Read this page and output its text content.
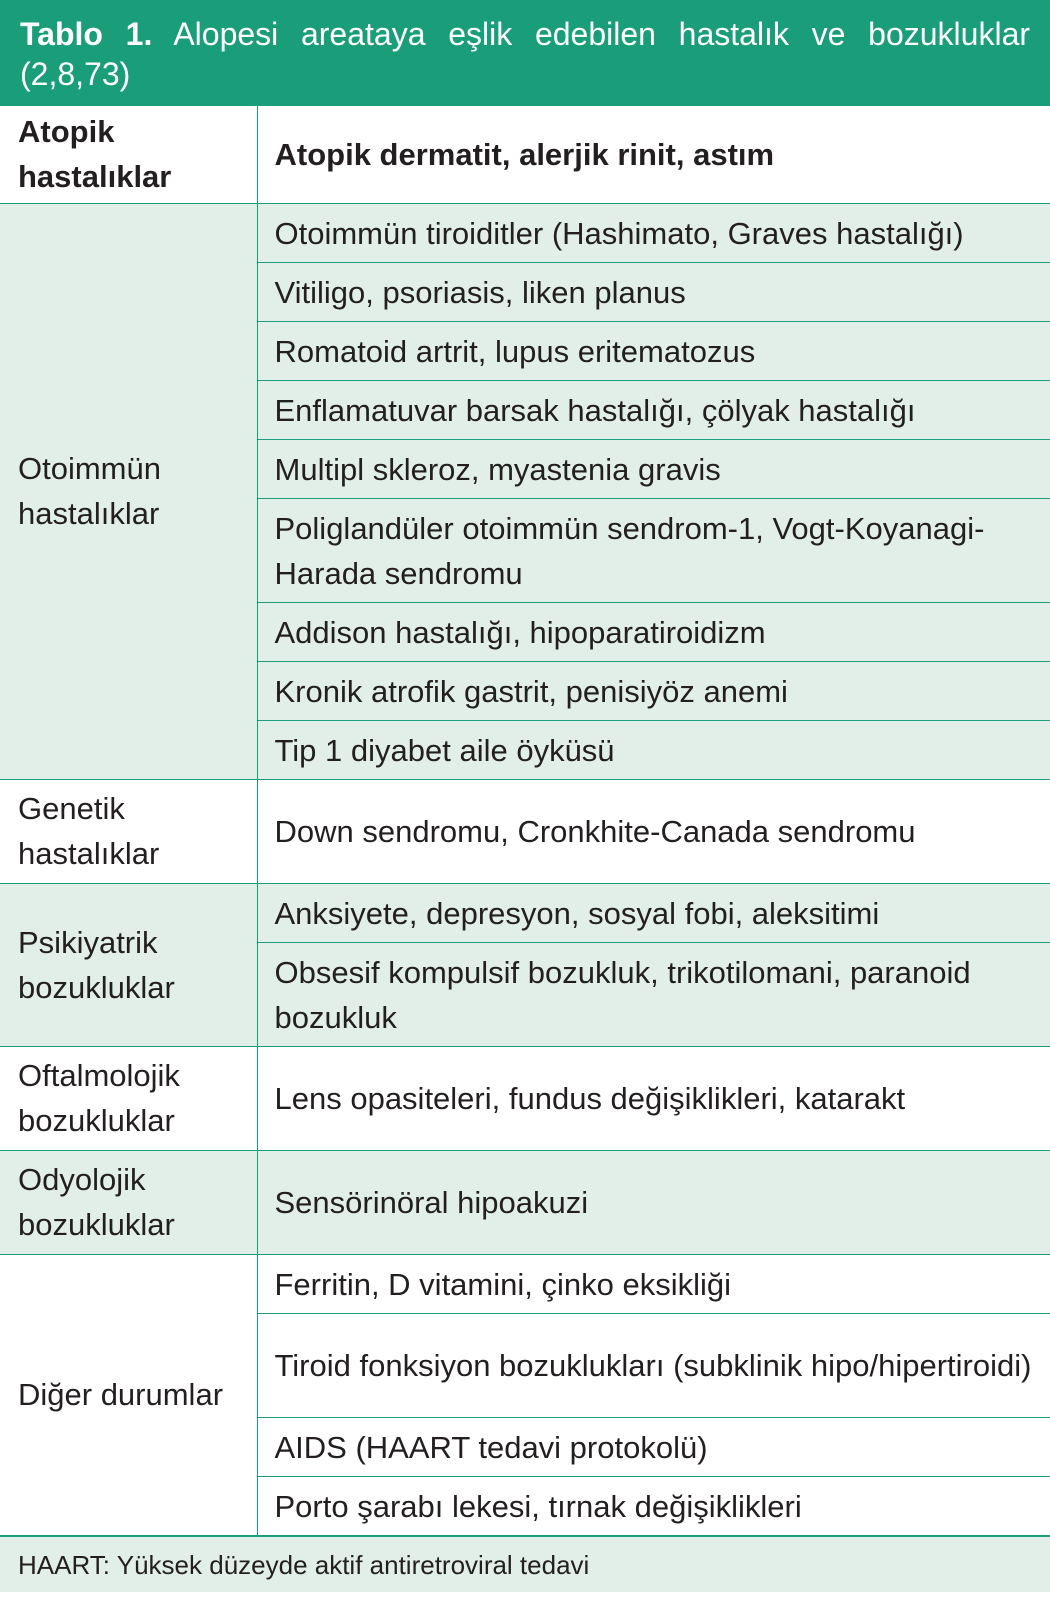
Tablo 1. Alopesi areataya eşlik edebilen hastalık ve bozukluklar (2,8,73)
Atopik hastalıklar	Atopik dermatit, alerjik rinit, astım
Otoimmün hastalıklar	Otoimmün tiroiditler (Hashimato, Graves hastalığı)
	Vitiligo, psoriasis, liken planus
	Romatoid artrit, lupus eritematozus
	Enflamatuvar barsak hastalığı, çölyak hastalığı
	Multipl skleroz, myastenia gravis
	Poliglandüler otoimmün sendrom-1, Vogt-Koyanagi-Harada sendromu
	Addison hastalığı, hipoparatiroidizm
	Kronik atrofik gastrit, penisiyöz anemi
	Tip 1 diyabet aile öyküsü
Genetik hastalıklar	Down sendromu, Cronkhite-Canada sendromu
Psikiyatrik bozukluklar	Anksiyete, depresyon, sosyal fobi, aleksitimi
	Obsesif kompulsif bozukluk, trikotilomani, paranoid bozukluk
Oftalmolojik bozukluklar	Lens opasiteleri, fundus değişiklikleri, katarakt
Odyolojik bozukluklar	Sensörinöral hipoakuzi
Diğer durumlar	Ferritin, D vitamini, çinko eksikliği
	Tiroid fonksiyon bozuklukları (subklinik hipo/hipertiroidi)
	AIDS (HAART tedavi protokolü)
	Porto şarabı lekesi, tırnak değişiklikleri
HAART: Yüksek düzeyde aktif antiretroviral tedavi
